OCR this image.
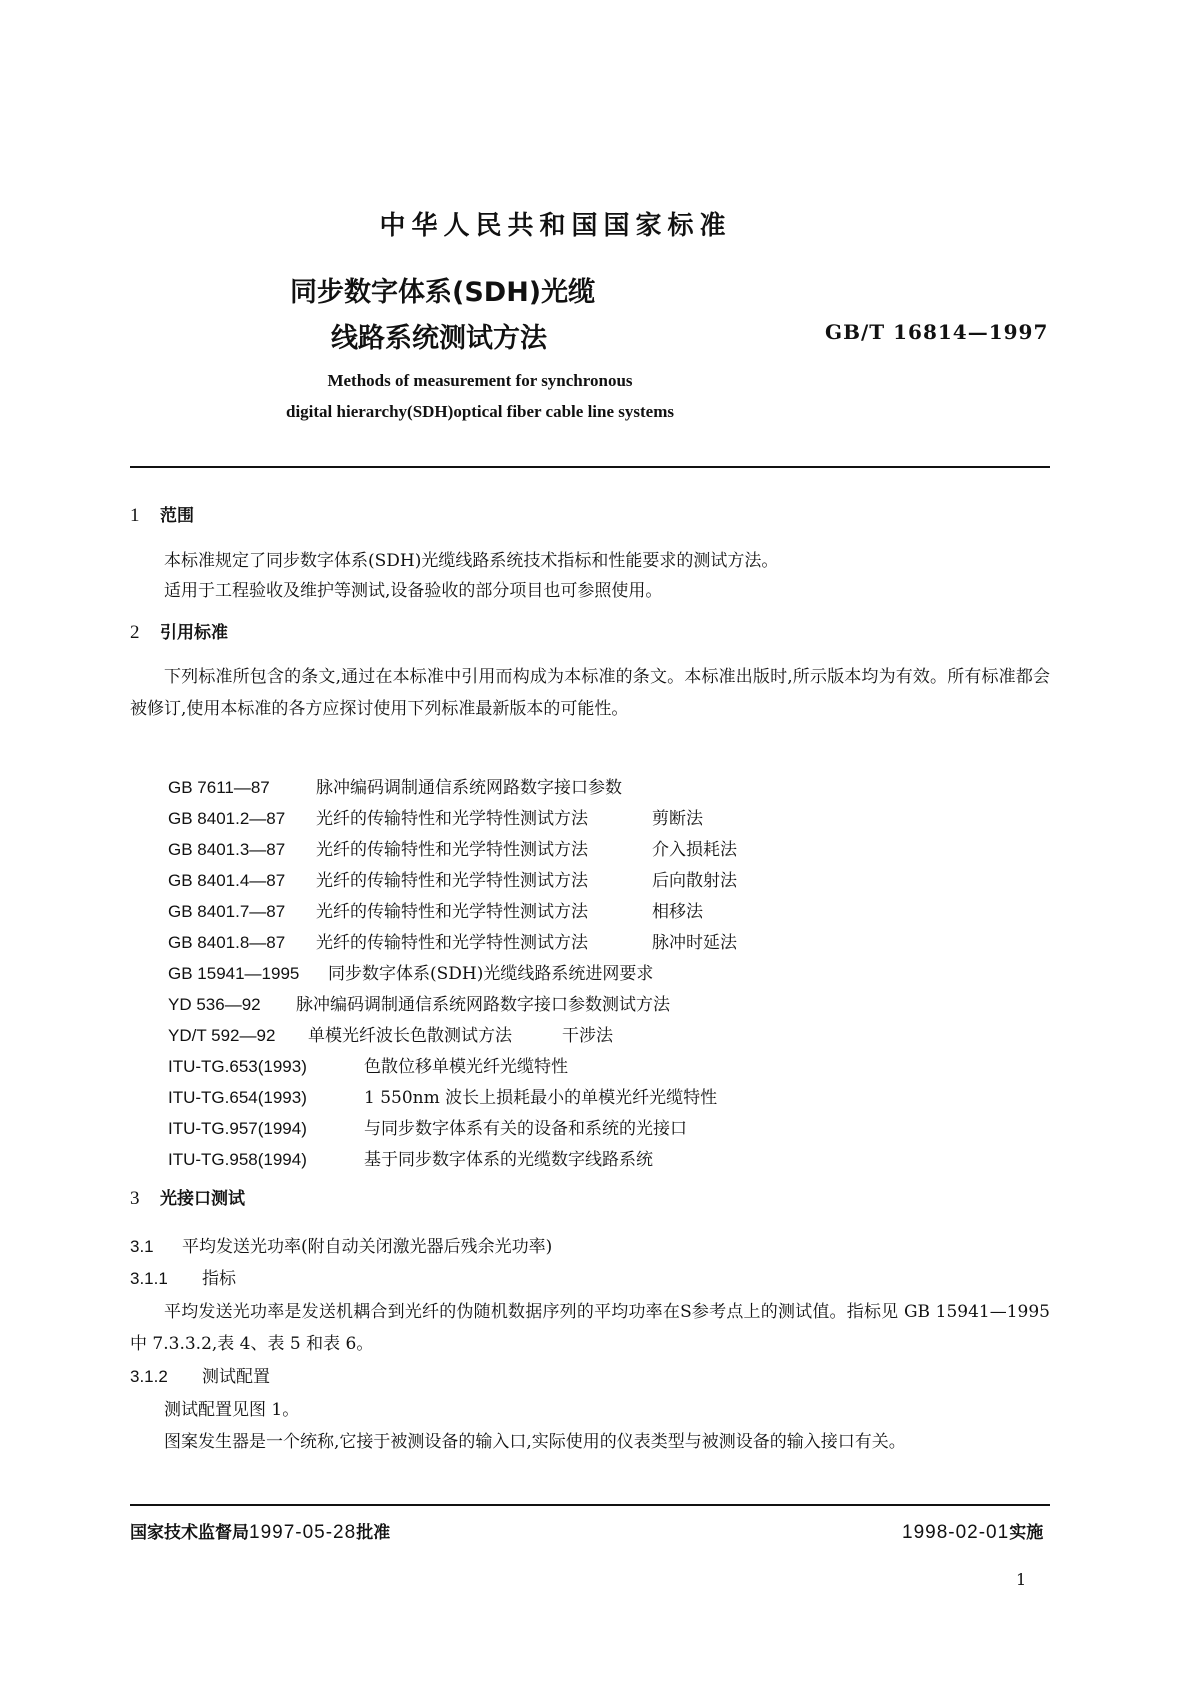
中华人民共和国国家标准
同步数字体系(SDH)光缆
线路系统测试方法	GB/T 16814—1997
Methods of measurement for synchronous
digital hierarchy(SDH)optical fiber cable line systems
1 范围
本标准规定了同步数字体系(SDH)光缆线路系统技术指标和性能要求的测试方法。
适用于工程验收及维护等测试,设备验收的部分项目也可参照使用。
2 引用标准
下列标准所包含的条文,通过在本标准中引用而构成为本标准的条文。本标准出版时,所示版本均为有效。所有标准都会被修订,使用本标准的各方应探讨使用下列标准最新版本的可能性。
GB 7611—87	脉冲编码调制通信系统网路数字接口参数
GB 8401.2—87 光纤的传输特性和光学特性测试方法	剪断法
GB 8401.3—87 光纤的传输特性和光学特性测试方法	介入损耗法
GB 8401.4—87 光纤的传输特性和光学特性测试方法	后向散射法
GB 8401.7—87 光纤的传输特性和光学特性测试方法	相移法
GB 8401.8—87 光纤的传输特性和光学特性测试方法	脉冲时延法
GB 15941—1995 同步数字体系(SDH)光缆线路系统进网要求
YD 536—92 脉冲编码调制通信系统网路数字接口参数测试方法
YD/T 592—92 单模光纤波长色散测试方法	干涉法
ITU-TG.653(1993)	色散位移单模光纤光缆特性
ITU-TG.654(1993)	1 550nm 波长上损耗最小的单模光纤光缆特性
ITU-TG.957(1994)	与同步数字体系有关的设备和系统的光接口
ITU-TG.958(1994)	基于同步数字体系的光缆数字线路系统
3 光接口测试
3.1 平均发送光功率(附自动关闭激光器后残余光功率)
3.1.1 指标
平均发送光功率是发送机耦合到光纤的伪随机数据序列的平均功率在S参考点上的测试值。指标见 GB 15941—1995 中 7.3.3.2,表 4、表 5 和表 6。
3.1.2 测试配置
测试配置见图 1。
图案发生器是一个统称,它接于被测设备的输入口,实际使用的仪表类型与被测设备的输入接口有关。
国家技术监督局1997-05-28批准	1998-02-01实施
1
